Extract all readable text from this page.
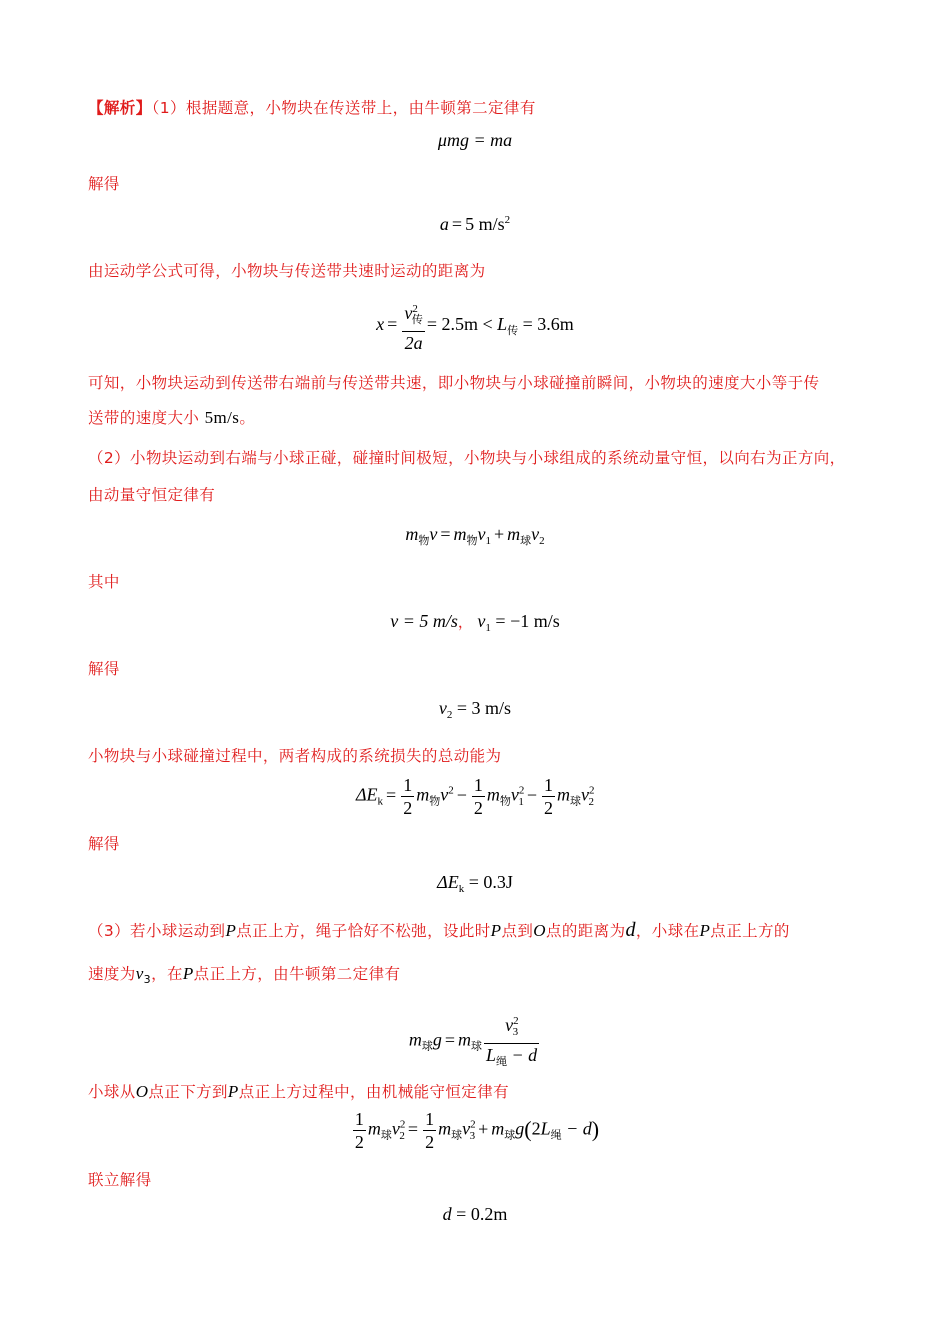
【解析】（1）根据题意，小物块在传送带上，由牛顿第二定律有
μmg = ma
解得
a = 5 $m/s^2$
由运动学公式可得，小物块与传送带共速时运动的距离为
$x = \frac{v^2_传}{2a} = 2.5m < L_传 = 3.6m$
可知，小物块运动到传送带右端前与传送带共速，即小物块与小球碰撞前瞬间，小物块的速度大小等于传
送带的速度大小 5m/s。
（2）小物块运动到右端与小球正碰，碰撞时间极短，小物块与小球组成的系统动量守恒，以向右为正方向，
由动量守恒定律有
$m_物v = m_物v_1 + m_球v_2$
其中
v = 5 m/s， $v_1 = -1$ m/s
解得
$v_2 = 3$ m/s
小物块与小球碰撞过程中，两者构成的系统损失的总动能为
$\Delta E_k = \frac{1}{2} m_物v^2 - \frac{1}{2} m_物v^2_1 - \frac{1}{2} m_球v^2_2$
解得
$\Delta E_k = 0.3J$
（3）若小球运动到P点正上方，绳子恰好不松弛，设此时P点到O点的距离为d，小球在P点正上方的
速度为$v_3$，在P点正上方，由牛顿第二定律有
$m_球g = m_球 \frac{v^2_3}{L_绳 - d}$
小球从O点正下方到P点正上方过程中，由机械能守恒定律有
$\frac{1}{2} m_球v^2_2 = \frac{1}{2} m_球v^2_3 + m_球g(2L_绳 - d)$
联立解得
d = 0.2m
